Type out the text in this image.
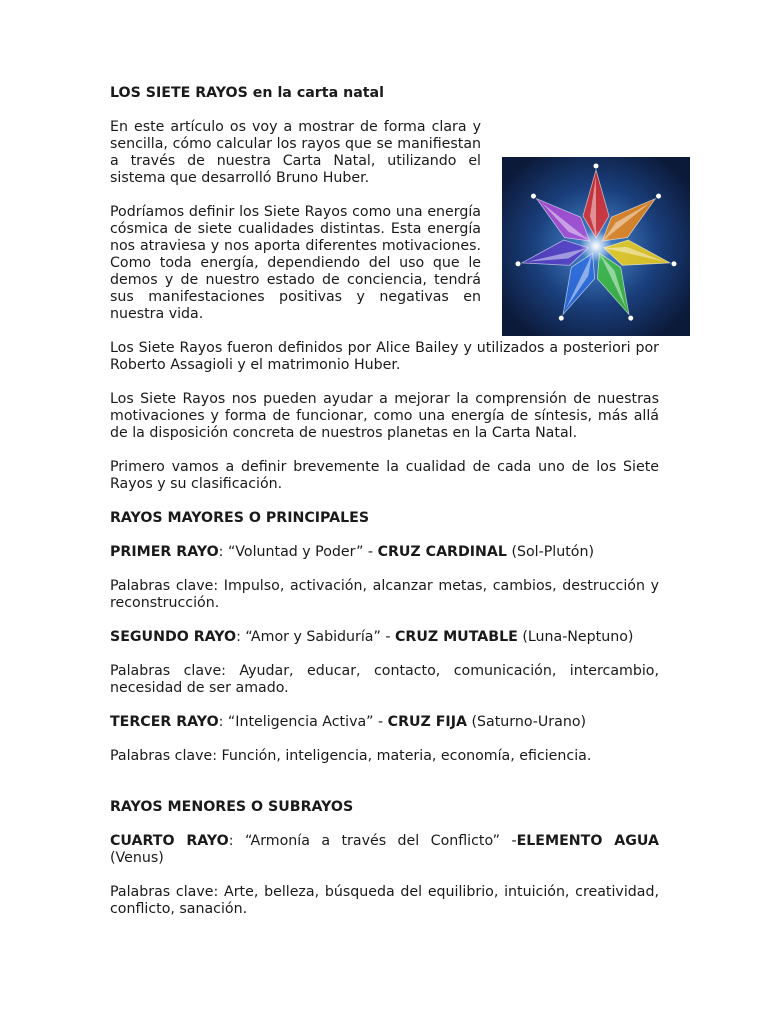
LOS SIETE RAYOS en la carta natal

En este artículo os voy a mostrar de forma clara y sencilla, cómo calcular los rayos que se manifiestan a través de nuestra Carta Natal, utilizando el sistema que desarrolló Bruno Huber.

Podríamos definir los Siete Rayos como una energía cósmica de siete cualidades distintas. Esta energía nos atraviesa y nos aporta diferentes motivaciones. Como toda energía, dependiendo del uso que le demos y de nuestro estado de conciencia, tendrá sus manifestaciones positivas y negativas en nuestra vida.

Los Siete Rayos fueron definidos por Alice Bailey y utilizados a posteriori por Roberto Assagioli y el matrimonio Huber.

Los Siete Rayos nos pueden ayudar a mejorar la comprensión de nuestras motivaciones y forma de funcionar, como una energía de síntesis, más allá de la disposición concreta de nuestros planetas en la Carta Natal.

Primero vamos a definir brevemente la cualidad de cada uno de los Siete Rayos y su clasificación.

RAYOS MAYORES O PRINCIPALES
PRIMER RAYO: “Voluntad y Poder” - CRUZ CARDINAL (Sol-Plutón)

Palabras clave: Impulso, activación, alcanzar metas, cambios, destrucción y reconstrucción.

SEGUNDO RAYO: “Amor y Sabiduría” - CRUZ MUTABLE (Luna-Neptuno)

Palabras clave: Ayudar, educar, contacto, comunicación, intercambio, necesidad de ser amado.

TERCER RAYO: “Inteligencia Activa” - CRUZ FIJA (Saturno-Urano)

Palabras clave: Función, inteligencia, materia, economía, eficiencia.

RAYOS MENORES O SUBRAYOS

CUARTO RAYO: “Armonía a través del Conflicto” -ELEMENTO AGUA (Venus)

Palabras clave: Arte, belleza, búsqueda del equilibrio, intuición, creatividad, conflicto, sanación.
